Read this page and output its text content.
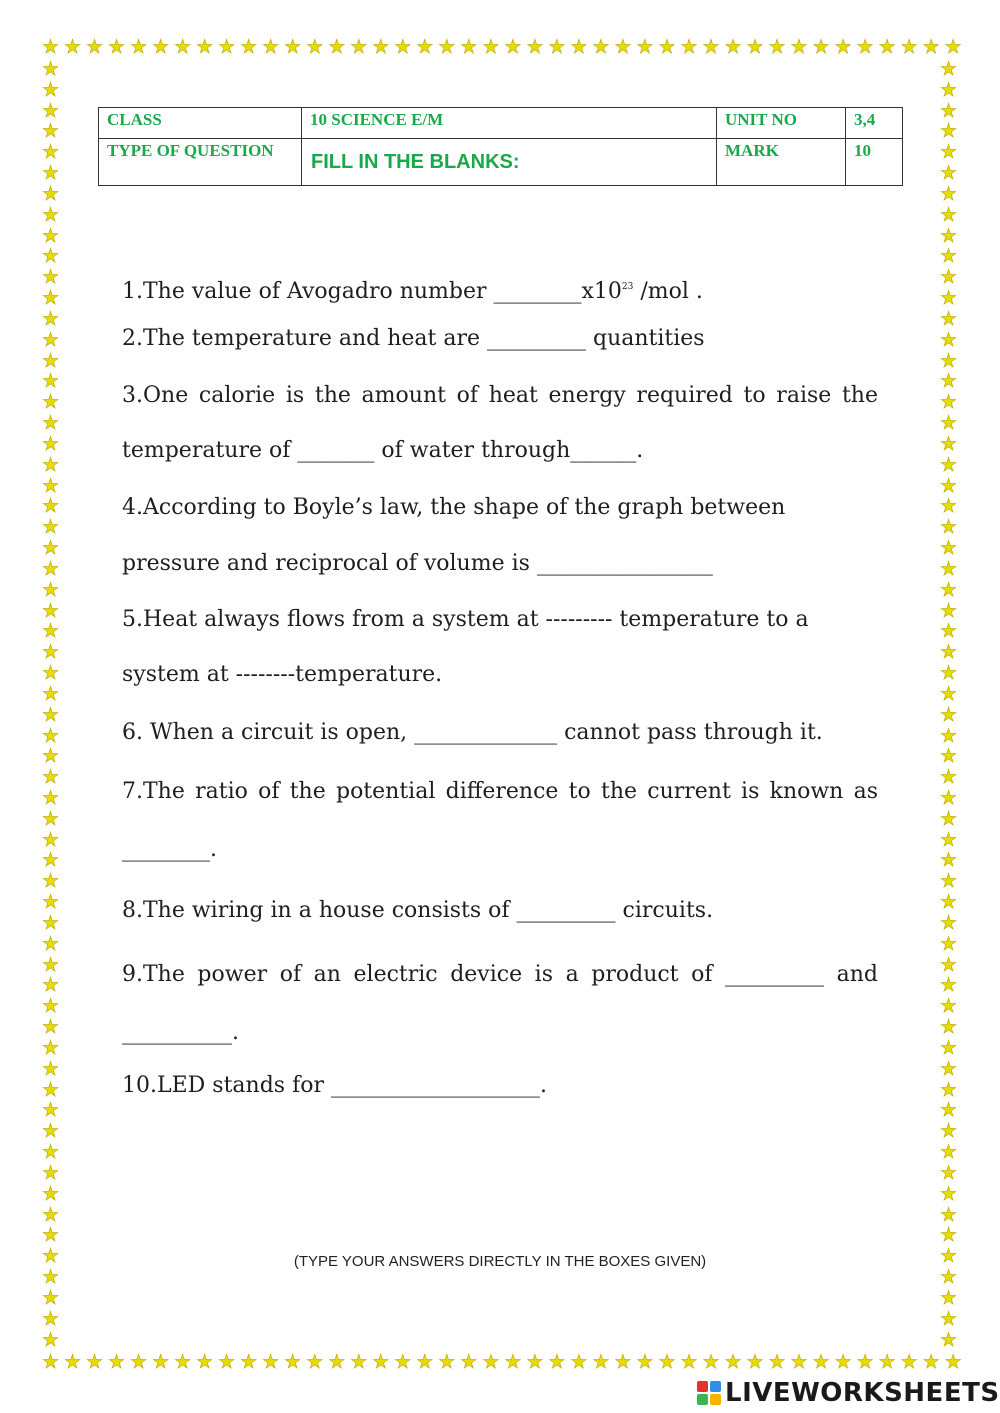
★ ★ ★ ★ ★ ★ ★ ★ ★ ★ ★ ★ ★ ★ ★ ★ ★ ★ ★ ★ ★ ★ ★ ★ ★ ★ ★ ★ ★ ★ ★ ★ ★ ★ ★ ★ ★ ★ ★ ★ ★ ★
★ ★ ★ ★ ★ ★ ★ ★ ★ ★ ★ ★ ★ ★ ★ ★ ★ ★ ★ ★ ★ ★ ★ ★ ★ ★ ★ ★ ★ ★ ★ ★ ★ ★ ★ ★ ★ ★ ★ ★ ★ ★
★
★
★
★
★
★
★
★
★
★
★
★
★
★
★
★
★
★
★
★
★
★
★
★
★
★
★
★
★
★
★
★
★
★
★
★
★
★
★
★
★
★
★
★
★
★
★
★
★
★
★
★
★
★
★
★
★
★
★
★
★
★
★
★
★
★
★
★
★
★
★
★
★
★
★
★
★
★
★
★
★
★
★
★
★
★
★
★
★
★
★
★
★
★
★
★
★
★
★
★
★
★
★
★
★
★
★
★
★
★
★
★
★
★
★
★
★
★
★
★
★
★
★
★
CLASS	10 SCIENCE E/M	UNIT NO	3,4
TYPE OF QUESTION	FILL IN THE BLANKS:	MARK	10

1.The value of Avogadro number $\_\_\_\_\_\_\_\_x10^{23}$ /mol .

2.The temperature and heat are _________ quantities

3.One calorie is the amount of heat energy required to raise the

temperature of _______ of water through______.

4.According to Boyle’s law, the shape of the graph between

pressure and reciprocal of volume is ________________

5.Heat always flows from a system at --------- temperature to a

system at --------temperature.

6. When a circuit is open, _____________ cannot pass through it.

7.The ratio of the potential difference to the current is known as

________.

8.The wiring in a house consists of _________ circuits.

9.The power of an electric device is a product of _________ and

__________.

10.LED stands for ___________________.

(TYPE YOUR ANSWERS DIRECTLY IN THE BOXES GIVEN)
LIVEWORKSHEETS
